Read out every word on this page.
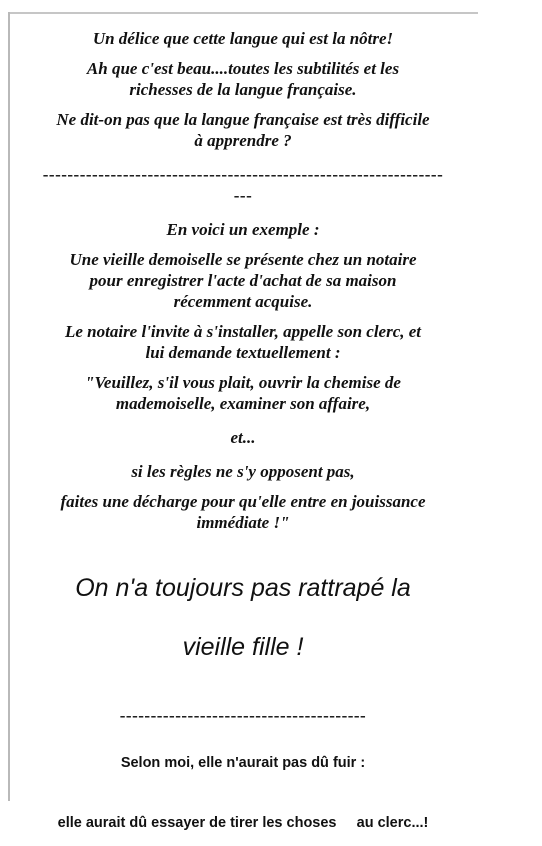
Un délice que cette langue qui est la nôtre!

Ah que c'est beau....toutes les subtilités et les

richesses de la langue française.

Ne dit-on pas que la langue française est très difficile

à apprendre ?

-----------------------------------------------------------------

---

En voici un exemple :

Une vieille demoiselle se présente chez un notaire

pour enregistrer l'acte d'achat de sa maison

récemment acquise.

Le notaire l'invite à s'installer, appelle son clerc, et

lui demande textuellement :

"Veuillez, s'il vous plait, ouvrir la chemise de

mademoiselle, examiner son affaire,

et...

si les règles ne s'y opposent pas,

faites une décharge pour qu'elle entre en jouissance

immédiate !"

On n'a toujours pas rattrapé la

vieille fille !

----------------------------------------

Selon moi, elle n'aurait pas dû fuir :

elle aurait dû essayer de tirer les choses     au clerc...!
